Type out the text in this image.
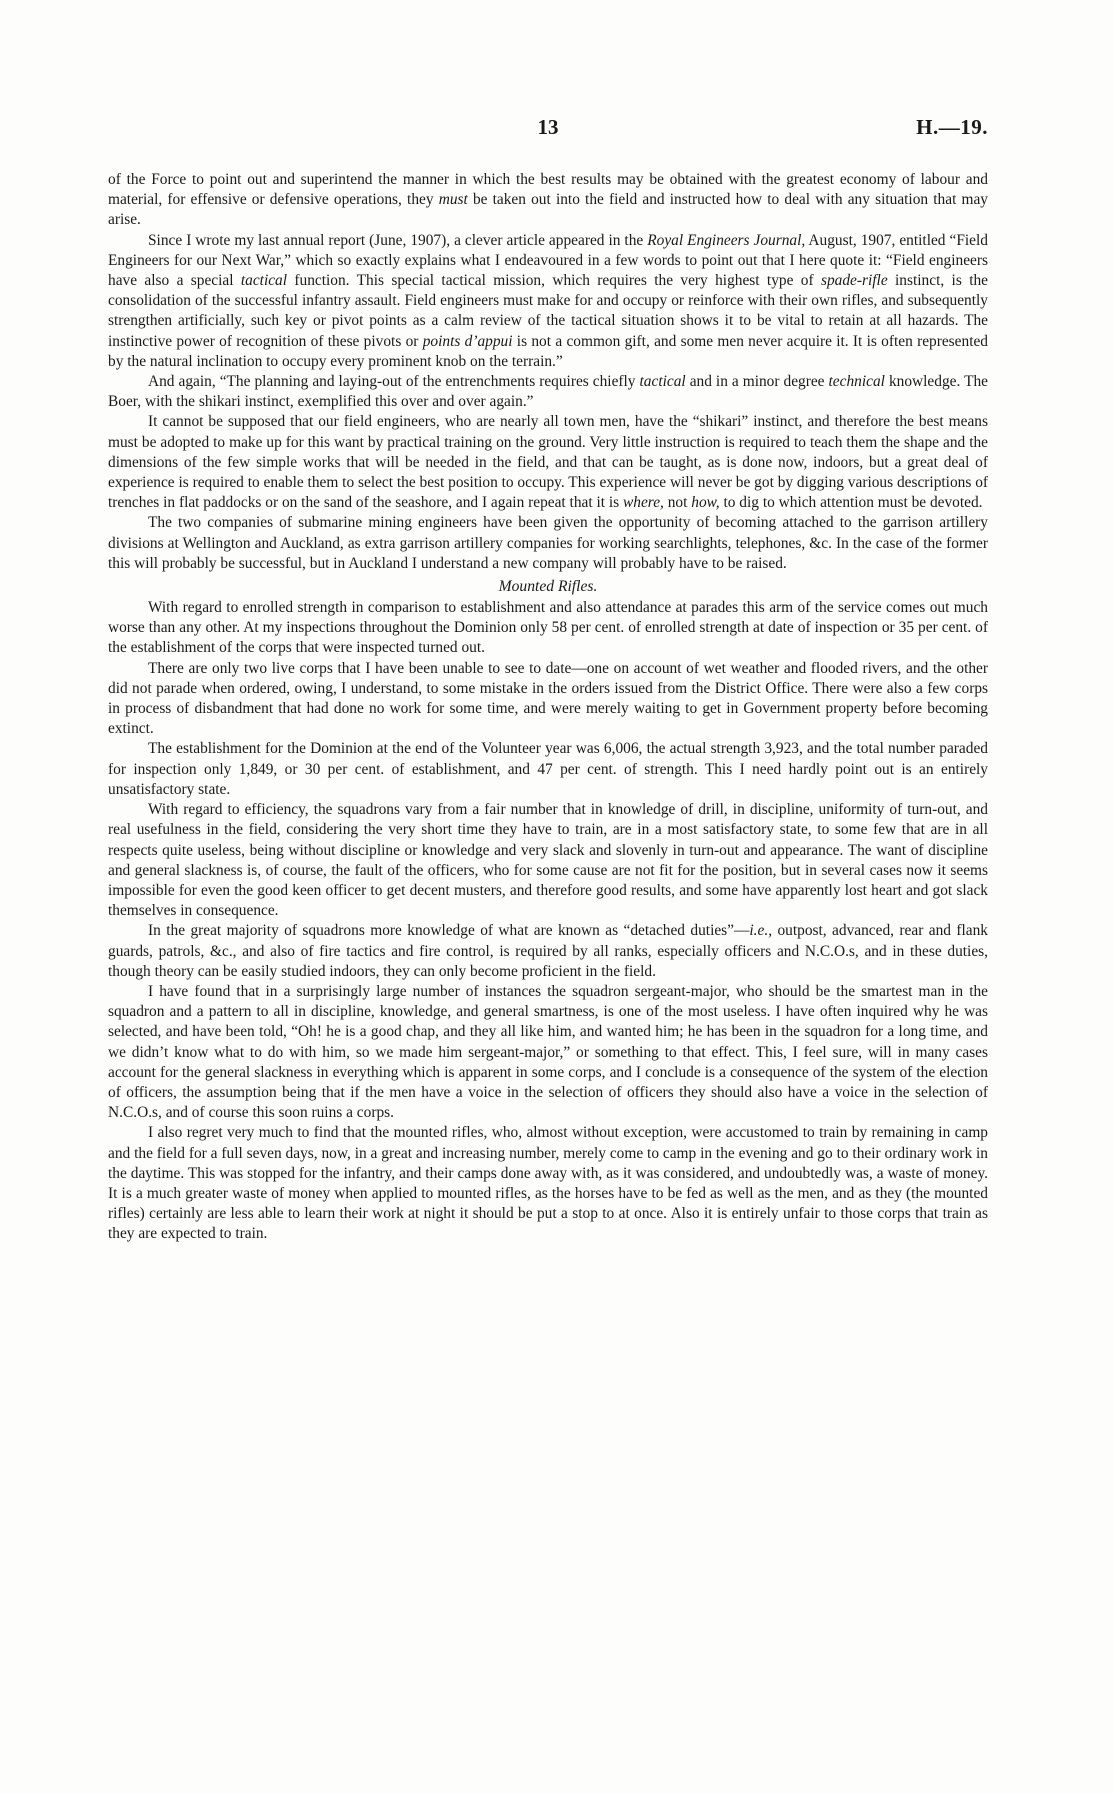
13	H.—19.

of the Force to point out and superintend the manner in which the best results may be obtained with the greatest economy of labour and material, for effensive or defensive operations, they must be taken out into the field and instructed how to deal with any situation that may arise.

Since I wrote my last annual report (June, 1907), a clever article appeared in the Royal Engineers Journal, August, 1907, entitled “Field Engineers for our Next War,” which so exactly explains what I endeavoured in a few words to point out that I here quote it: “Field engineers have also a special tactical function. This special tactical mission, which requires the very highest type of spade-rifle instinct, is the consolidation of the successful infantry assault. Field engineers must make for and occupy or reinforce with their own rifles, and subsequently strengthen artificially, such key or pivot points as a calm review of the tactical situation shows it to be vital to retain at all hazards. The instinctive power of recognition of these pivots or points d’appui is not a common gift, and some men never acquire it. It is often represented by the natural inclination to occupy every prominent knob on the terrain.”

And again, “The planning and laying-out of the entrenchments requires chiefly tactical and in a minor degree technical knowledge. The Boer, with the shikari instinct, exemplified this over and over again.”

It cannot be supposed that our field engineers, who are nearly all town men, have the “shikari” instinct, and therefore the best means must be adopted to make up for this want by practical training on the ground. Very little instruction is required to teach them the shape and the dimensions of the few simple works that will be needed in the field, and that can be taught, as is done now, indoors, but a great deal of experience is required to enable them to select the best position to occupy. This experience will never be got by digging various descriptions of trenches in flat paddocks or on the sand of the seashore, and I again repeat that it is where, not how, to dig to which attention must be devoted.

The two companies of submarine mining engineers have been given the opportunity of becoming attached to the garrison artillery divisions at Wellington and Auckland, as extra garrison artillery companies for working searchlights, telephones, &c. In the case of the former this will probably be successful, but in Auckland I understand a new company will probably have to be raised.

Mounted Rifles.

With regard to enrolled strength in comparison to establishment and also attendance at parades this arm of the service comes out much worse than any other. At my inspections throughout the Dominion only 58 per cent. of enrolled strength at date of inspection or 35 per cent. of the establishment of the corps that were inspected turned out.

There are only two live corps that I have been unable to see to date—one on account of wet weather and flooded rivers, and the other did not parade when ordered, owing, I understand, to some mistake in the orders issued from the District Office. There were also a few corps in process of disbandment that had done no work for some time, and were merely waiting to get in Government property before becoming extinct.

The establishment for the Dominion at the end of the Volunteer year was 6,006, the actual strength 3,923, and the total number paraded for inspection only 1,849, or 30 per cent. of establishment, and 47 per cent. of strength. This I need hardly point out is an entirely unsatisfactory state.

With regard to efficiency, the squadrons vary from a fair number that in knowledge of drill, in discipline, uniformity of turn-out, and real usefulness in the field, considering the very short time they have to train, are in a most satisfactory state, to some few that are in all respects quite useless, being without discipline or knowledge and very slack and slovenly in turn-out and appearance. The want of discipline and general slackness is, of course, the fault of the officers, who for some cause are not fit for the position, but in several cases now it seems impossible for even the good keen officer to get decent musters, and therefore good results, and some have apparently lost heart and got slack themselves in consequence.

In the great majority of squadrons more knowledge of what are known as “detached duties”—i.e., outpost, advanced, rear and flank guards, patrols, &c., and also of fire tactics and fire control, is required by all ranks, especially officers and N.C.O.s, and in these duties, though theory can be easily studied indoors, they can only become proficient in the field.

I have found that in a surprisingly large number of instances the squadron sergeant-major, who should be the smartest man in the squadron and a pattern to all in discipline, knowledge, and general smartness, is one of the most useless. I have often inquired why he was selected, and have been told, “Oh! he is a good chap, and they all like him, and wanted him; he has been in the squadron for a long time, and we didn’t know what to do with him, so we made him sergeant-major,” or something to that effect. This, I feel sure, will in many cases account for the general slackness in everything which is apparent in some corps, and I conclude is a consequence of the system of the election of officers, the assumption being that if the men have a voice in the selection of officers they should also have a voice in the selection of N.C.O.s, and of course this soon ruins a corps.

I also regret very much to find that the mounted rifles, who, almost without exception, were accustomed to train by remaining in camp and the field for a full seven days, now, in a great and increasing number, merely come to camp in the evening and go to their ordinary work in the daytime. This was stopped for the infantry, and their camps done away with, as it was considered, and undoubtedly was, a waste of money. It is a much greater waste of money when applied to mounted rifles, as the horses have to be fed as well as the men, and as they (the mounted rifles) certainly are less able to learn their work at night it should be put a stop to at once. Also it is entirely unfair to those corps that train as they are expected to train.
